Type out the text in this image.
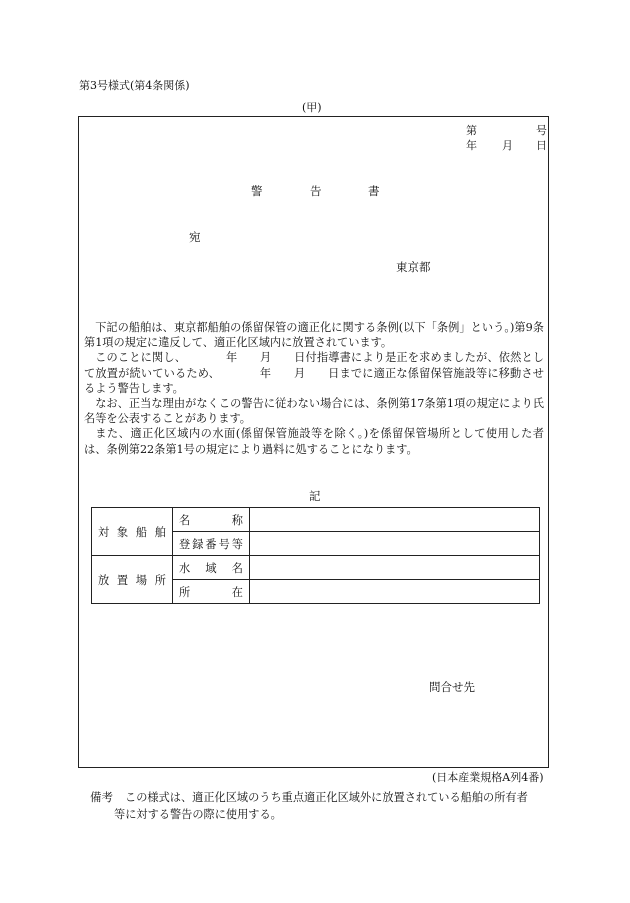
第3号様式(第4条関係)
(甲)
第	号
年 月 日
警	告	書
宛
東京都

下記の船舶は、東京都船舶の係留保管の適正化に関する条例(以下「条例」という。)第9条第1項の規定に違反して、適正化区域内に放置されています。

このことに関し、　　　　年　　月　　日付指導書により是正を求めましたが、依然として放置が続いているため、　　　　年　　月　　日までに適正な係留保管施設等に移動させるよう警告します。

なお、正当な理由がなくこの警告に従わない場合には、条例第17条第1項の規定により氏名等を公表することがあります。

また、適正化区域内の水面(係留保管施設等を除く。)を係留保管場所として使用した者は、条例第22条第1号の規定により過料に処することになります。

記
対 象 船 舶	名 称	

	登 録 番 号 等	

放 置 場 所	水 域 名	

	所 在	

問合せ先
(日本産業規格A列4番)
備考 この様式は、適正化区域のうち重点適正化区域外に放置されている船舶の所有者
等に対する警告の際に使用する。
